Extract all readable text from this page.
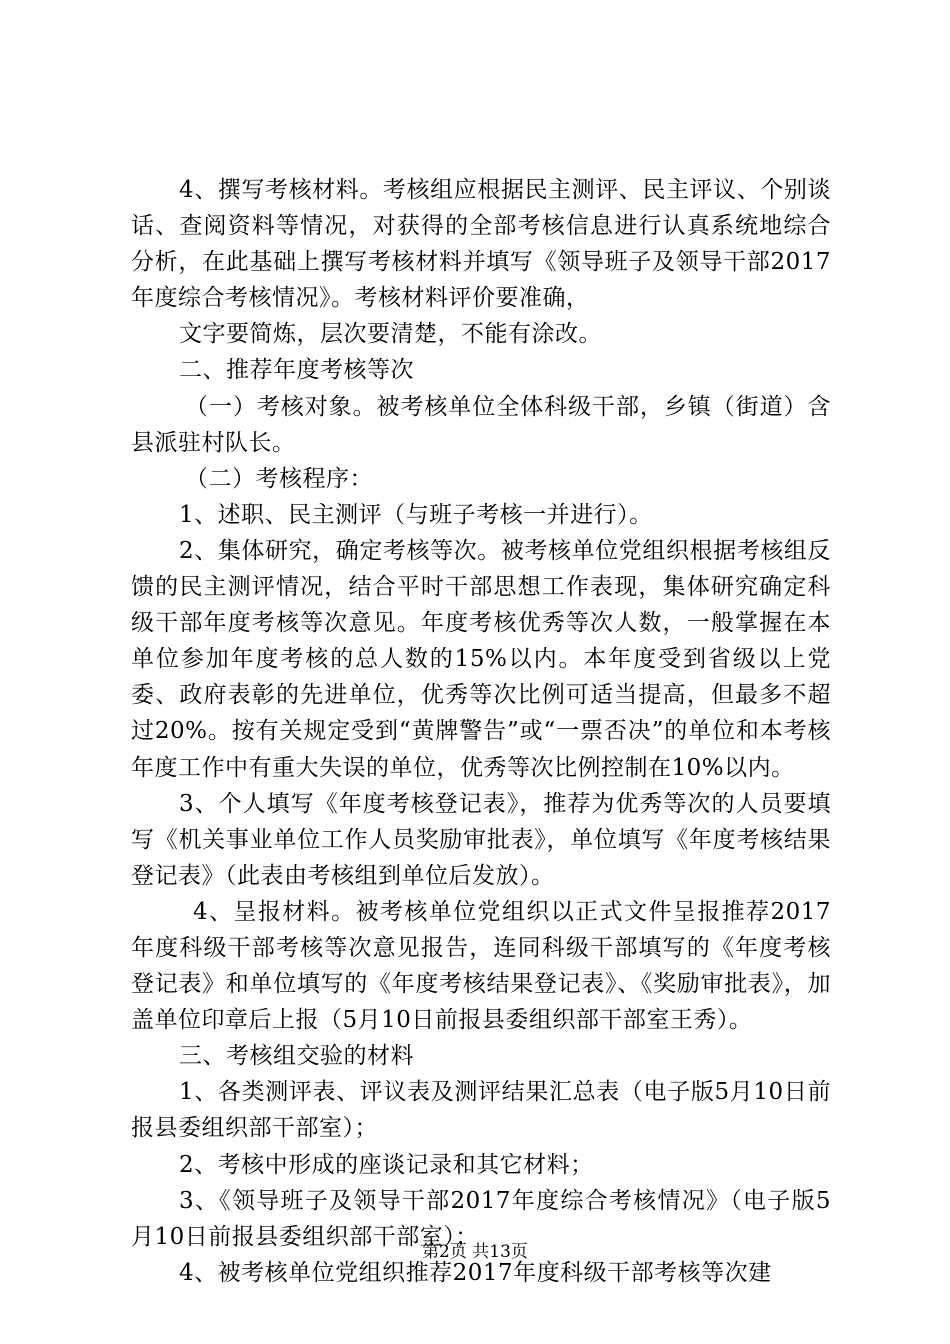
4、撰写考核材料。考核组应根据民主测评、民主评议、个别谈话、查阅资料等情况，对获得的全部考核信息进行认真系统地综合分析，在此基础上撰写考核材料并填写《领导班子及领导干部2017年度综合考核情况》。考核材料评价要准确，

文字要简炼，层次要清楚，不能有涂改。

二、推荐年度考核等次

（一）考核对象。被考核单位全体科级干部，乡镇（街道）含县派驻村队长。

（二）考核程序：

1、述职、民主测评（与班子考核一并进行）。

2、集体研究，确定考核等次。被考核单位党组织根据考核组反馈的民主测评情况，结合平时干部思想工作表现，集体研究确定科级干部年度考核等次意见。年度考核优秀等次人数，一般掌握在本单位参加年度考核的总人数的15%以内。本年度受到省级以上党委、政府表彰的先进单位，优秀等次比例可适当提高，但最多不超过20%。按有关规定受到“黄牌警告”或“一票否决”的单位和本考核年度工作中有重大失误的单位，优秀等次比例控制在10%以内。

3、个人填写《年度考核登记表》，推荐为优秀等次的人员要填写《机关事业单位工作人员奖励审批表》，单位填写《年度考核结果登记表》（此表由考核组到单位后发放）。

4、呈报材料。被考核单位党组织以正式文件呈报推荐2017年度科级干部考核等次意见报告，连同科级干部填写的《年度考核登记表》和单位填写的《年度考核结果登记表》、《奖励审批表》，加盖单位印章后上报（5月10日前报县委组织部干部室王秀）。

三、考核组交验的材料

1、各类测评表、评议表及测评结果汇总表（电子版5月10日前报县委组织部干部室）；

2、考核中形成的座谈记录和其它材料；

3、《领导班子及领导干部2017年度综合考核情况》（电子版5月10日前报县委组织部干部室）；

4、被考核单位党组织推荐2017年度科级干部考核等次建

第2页 共13页
